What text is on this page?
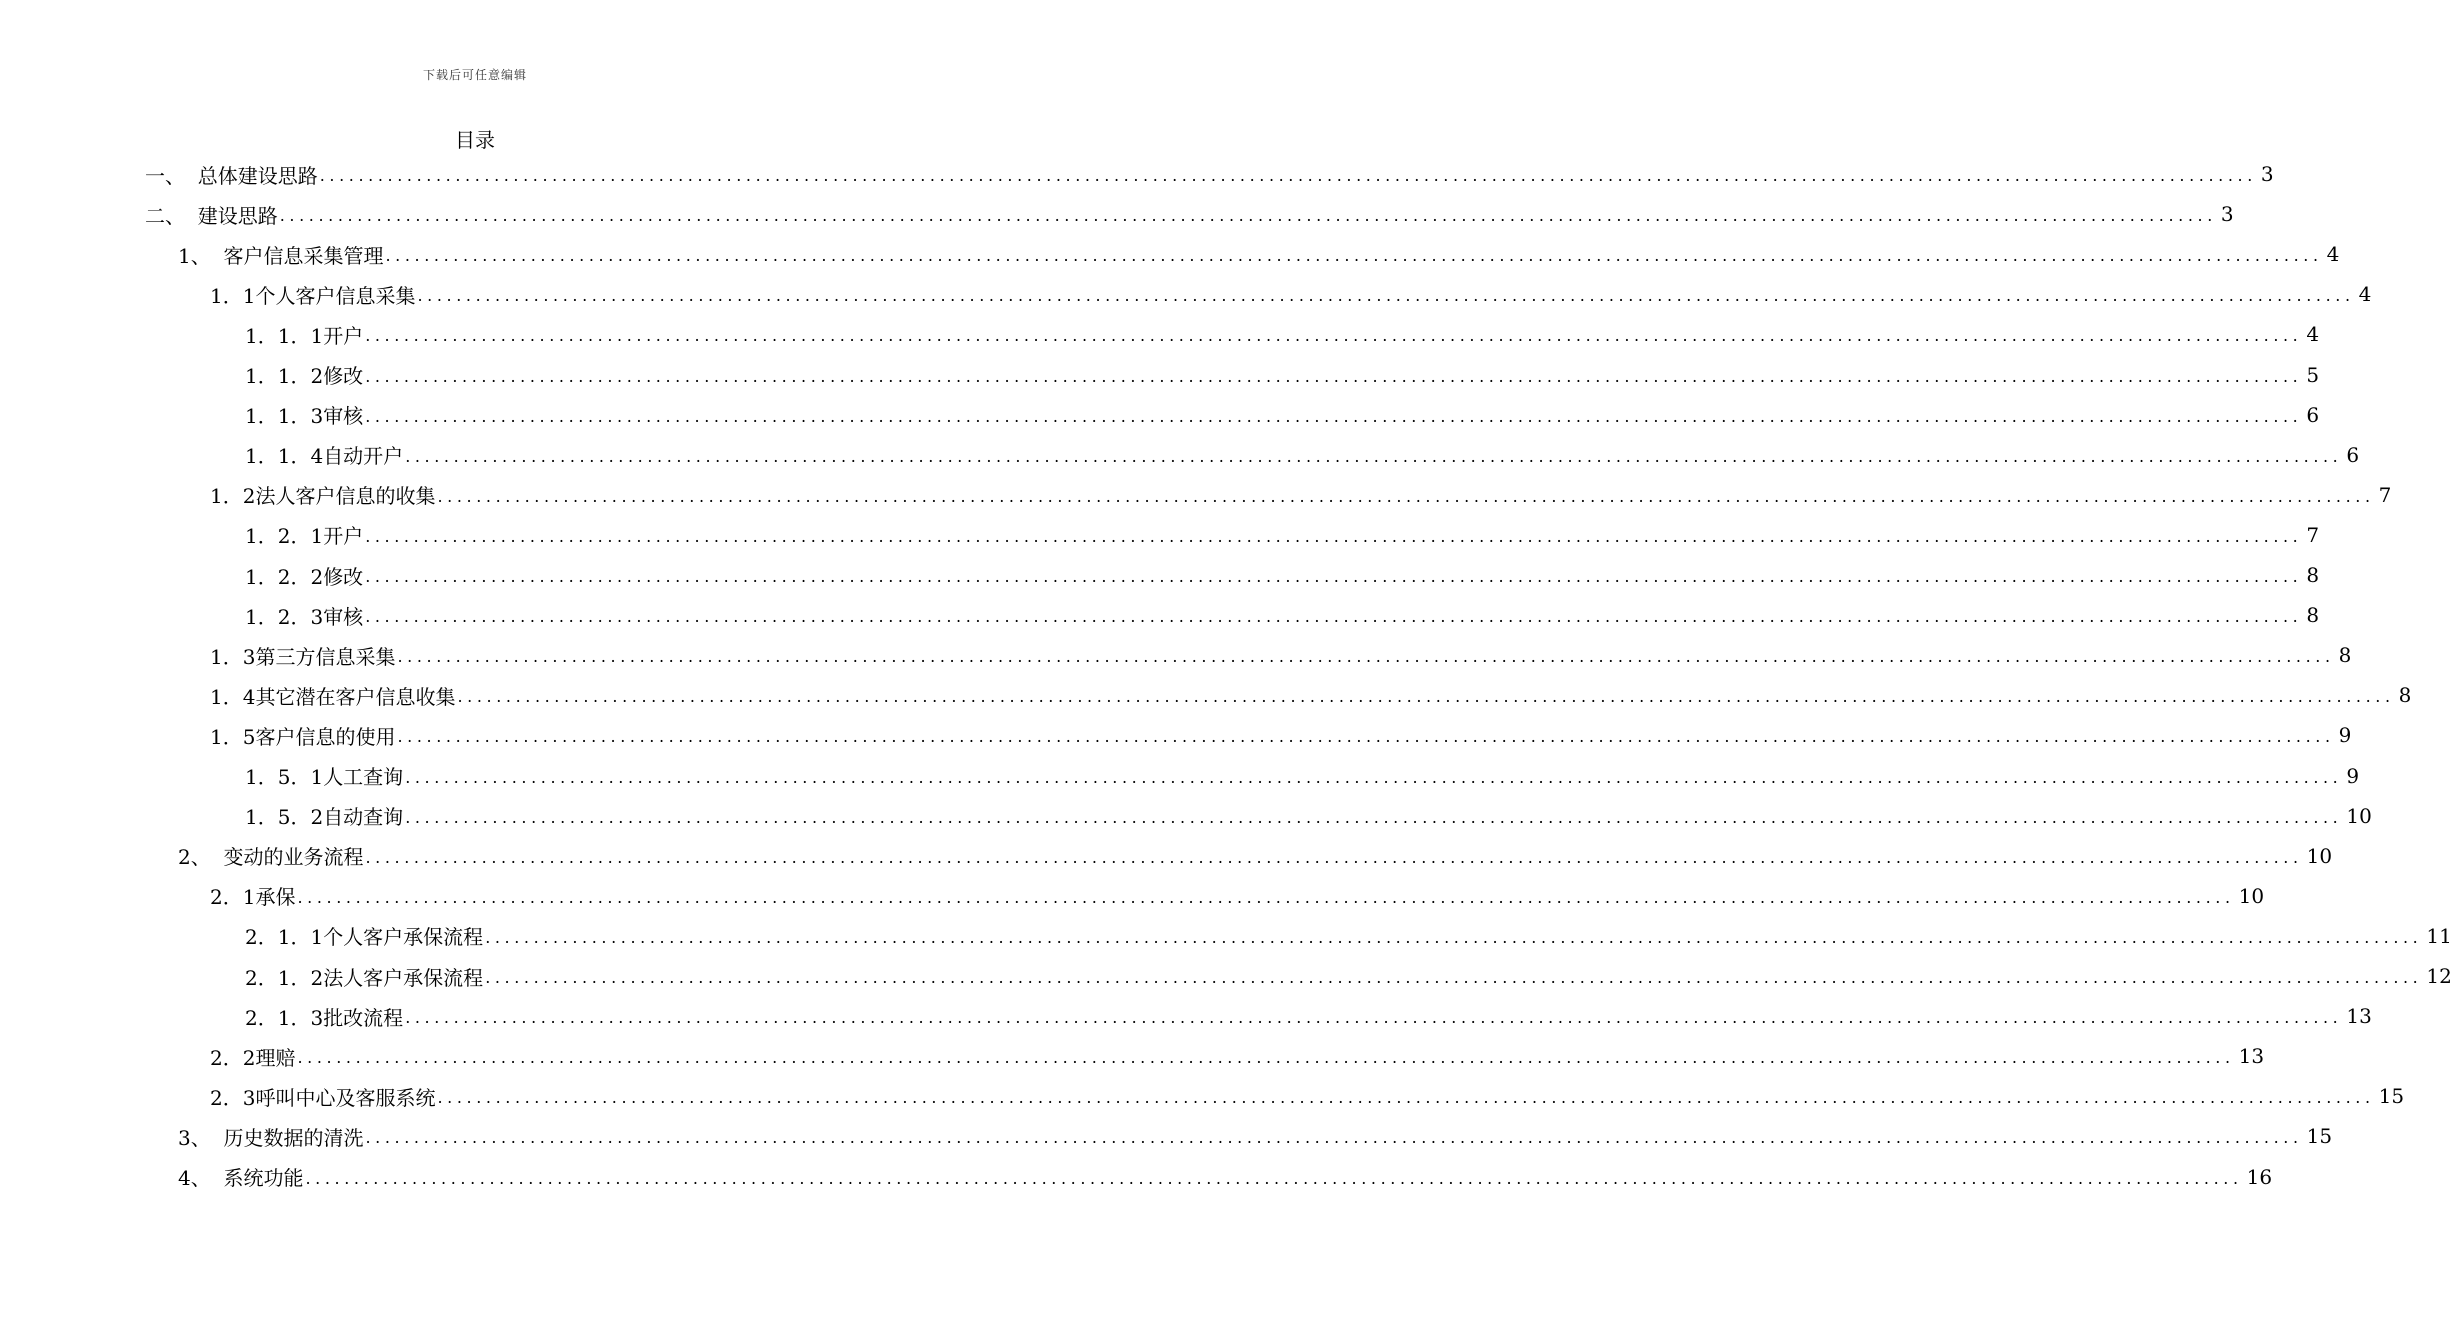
下载后可任意编辑
目录
一、 总体建设思路 ........................................................................................................................................................................................................ 3
二、 建设思路 ........................................................................................................................................................................................................ 3
1、 客户信息采集管理 ........................................................................................................................................................................................................ 4
1．1 个人客户信息采集 ........................................................................................................................................................................................................ 4
1．1．1 开户 ........................................................................................................................................................................................................ 4
1．1．2 修改 ........................................................................................................................................................................................................ 5
1．1．3 审核 ........................................................................................................................................................................................................ 6
1．1．4 自动开户 ........................................................................................................................................................................................................ 6
1．2 法人客户信息的收集 ........................................................................................................................................................................................................ 7
1．2．1 开户 ........................................................................................................................................................................................................ 7
1．2．2 修改 ........................................................................................................................................................................................................ 8
1．2．3 审核 ........................................................................................................................................................................................................ 8
1．3 第三方信息采集 ........................................................................................................................................................................................................ 8
1．4 其它潜在客户信息收集 ........................................................................................................................................................................................................ 8
1．5 客户信息的使用 ........................................................................................................................................................................................................ 9
1．5．1 人工查询 ........................................................................................................................................................................................................ 9
1．5．2 自动查询 ........................................................................................................................................................................................................ 10
2、 变动的业务流程 ........................................................................................................................................................................................................ 10
2．1 承保 ........................................................................................................................................................................................................ 10
2．1．1 个人客户承保流程 ........................................................................................................................................................................................................ 11
2．1．2 法人客户承保流程 ........................................................................................................................................................................................................ 12
2．1．3 批改流程 ........................................................................................................................................................................................................ 13
2．2 理赔 ........................................................................................................................................................................................................ 13
2．3 呼叫中心及客服系统 ........................................................................................................................................................................................................ 15
3、 历史数据的清洗 ........................................................................................................................................................................................................ 15
4、 系统功能 ........................................................................................................................................................................................................ 16
